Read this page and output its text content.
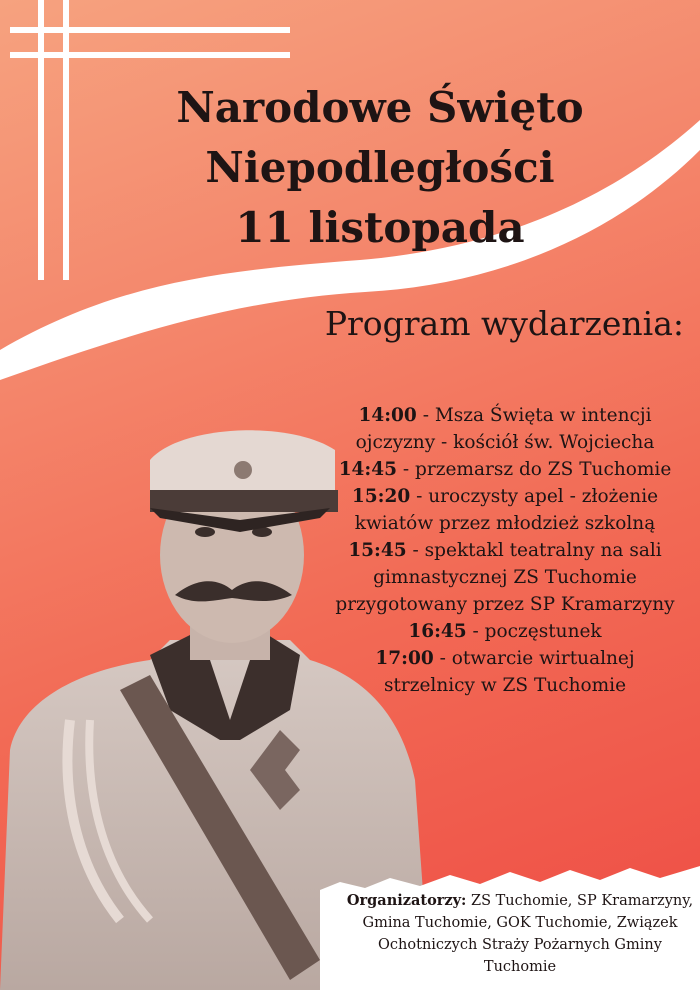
Narodowe Święto
Niepodległości
11 listopada
Program wydarzenia:
14:00 - Msza Święta w intencji ojczyzny - kościół św. Wojciecha
14:45 - przemarsz do ZS Tuchomie
15:20 - uroczysty apel - złożenie kwiatów przez młodzież szkolną
15:45 - spektakl teatralny na sali gimnastycznej ZS Tuchomie przygotowany przez SP Kramarzyny
16:45 - poczęstunek
17:00 - otwarcie wirtualnej strzelnicy w ZS Tuchomie
Organizatorzy: ZS Tuchomie, SP Kramarzyny, Gmina Tuchomie, GOK Tuchomie, Związek Ochotniczych Straży Pożarnych Gminy Tuchomie
